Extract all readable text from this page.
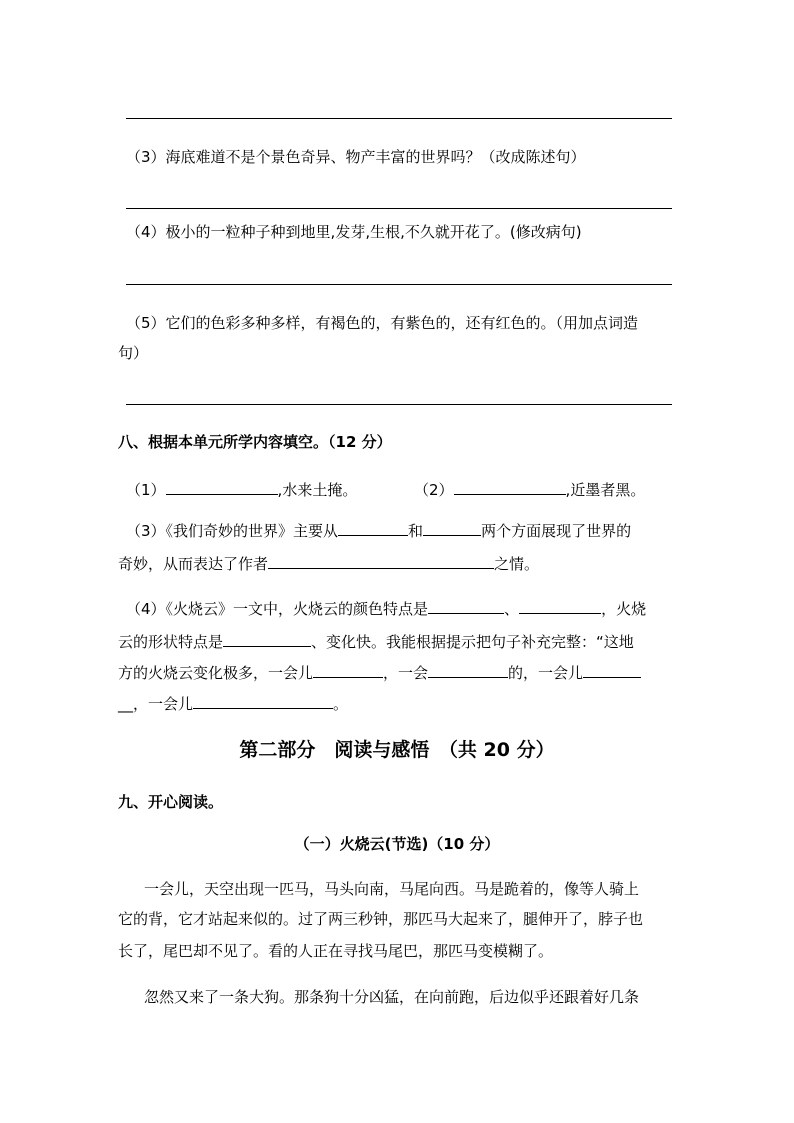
（3）海底难道不是个景色奇异、物产丰富的世界吗？（改成陈述句）
（4）极小的一粒种子种到地里,发芽,生根,不久就开花了。(修改病句)
（5）它们的色彩多种多样，有褐色的，有紫色的，还有红色的。（用加点词造
句）
八、根据本单元所学内容填空。（12 分）
（1）	,水来土掩。	（2）	,近墨者黑。
（3）《我们奇妙的世界》主要从	和	两个方面展现了世界的
奇妙，从而表达了作者	之情。
（4）《火烧云》一文中，火烧云的颜色特点是	、	，火烧
云的形状特点是	、变化快。我能根据提示把句子补充完整：“这地
方的火烧云变化极多，一会儿	，一会	的，一会儿
__，一会儿	。
第二部分　阅读与感悟　（共 20 分）
九、开心阅读。
（一）火烧云(节选)（10 分）
一会儿，天空出现一匹马，马头向南，马尾向西。马是跪着的，像等人骑上
它的背，它才站起来似的。过了两三秒钟，那匹马大起来了，腿伸开了，脖子也
长了，尾巴却不见了。看的人正在寻找马尾巴，那匹马变模糊了。
忽然又来了一条大狗。那条狗十分凶猛，在向前跑，后边似乎还跟着好几条
